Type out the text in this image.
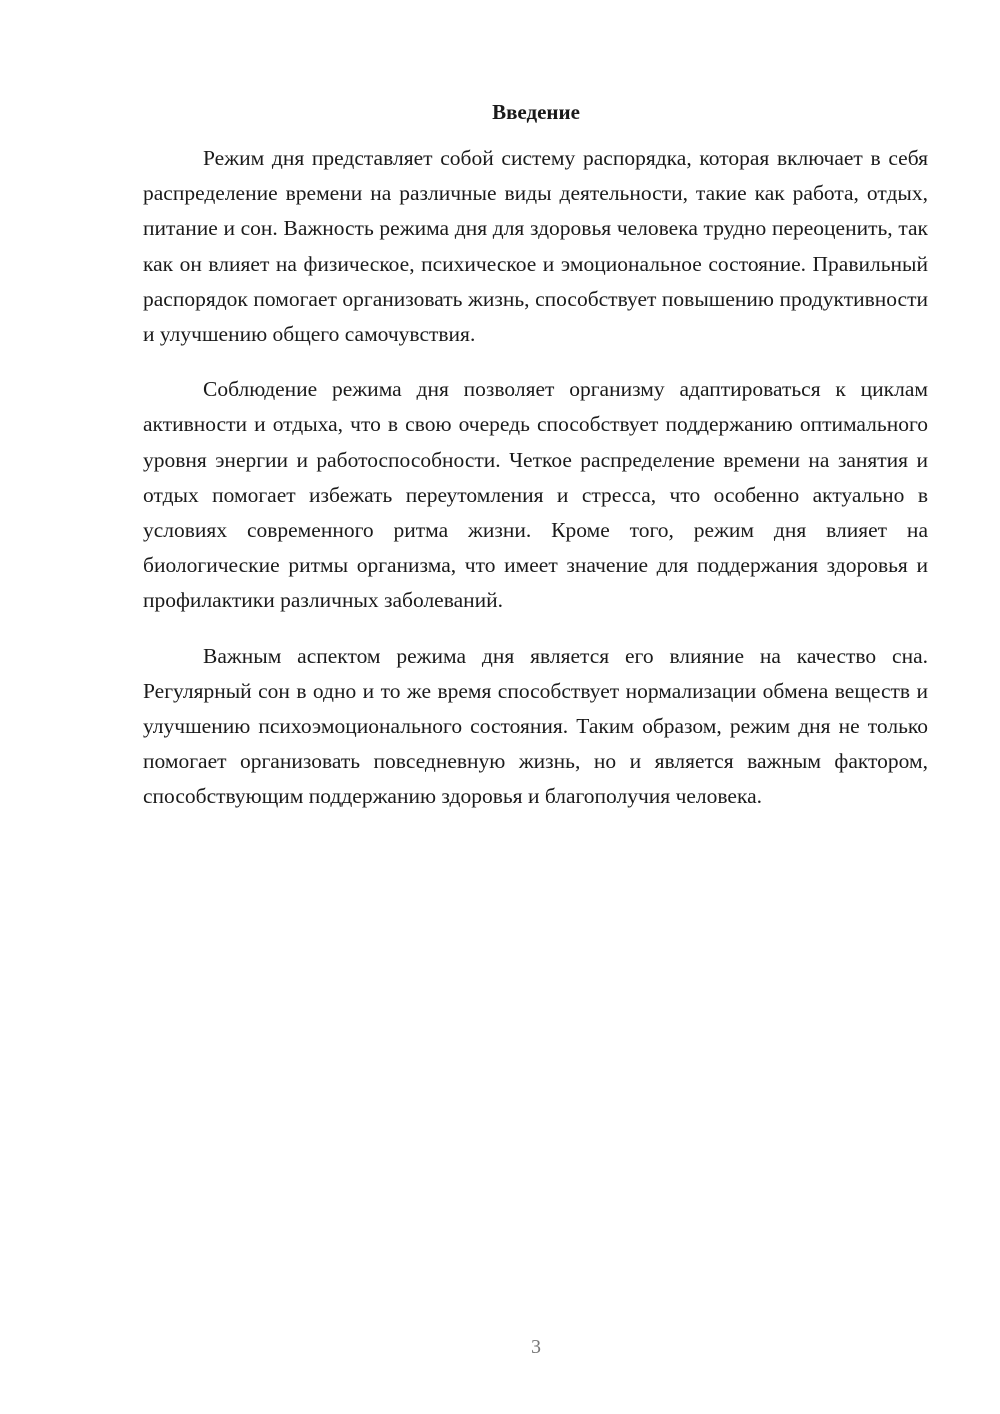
Введение

Режим дня представляет собой систему распорядка, которая включает в себя распределение времени на различные виды деятельности, такие как работа, отдых, питание и сон. Важность режима дня для здоровья человека трудно переоценить, так как он влияет на физическое, психическое и эмоциональное состояние. Правильный распорядок помогает организовать жизнь, способствует повышению продуктивности и улучшению общего самочувствия.

Соблюдение режима дня позволяет организму адаптироваться к циклам активности и отдыха, что в свою очередь способствует поддержанию оптимального уровня энергии и работоспособности. Четкое распределение времени на занятия и отдых помогает избежать переутомления и стресса, что особенно актуально в условиях современного ритма жизни. Кроме того, режим дня влияет на биологические ритмы организма, что имеет значение для поддержания здоровья и профилактики различных заболеваний.

Важным аспектом режима дня является его влияние на качество сна. Регулярный сон в одно и то же время способствует нормализации обмена веществ и улучшению психоэмоционального состояния. Таким образом, режим дня не только помогает организовать повседневную жизнь, но и является важным фактором, способствующим поддержанию здоровья и благополучия человека.

3
